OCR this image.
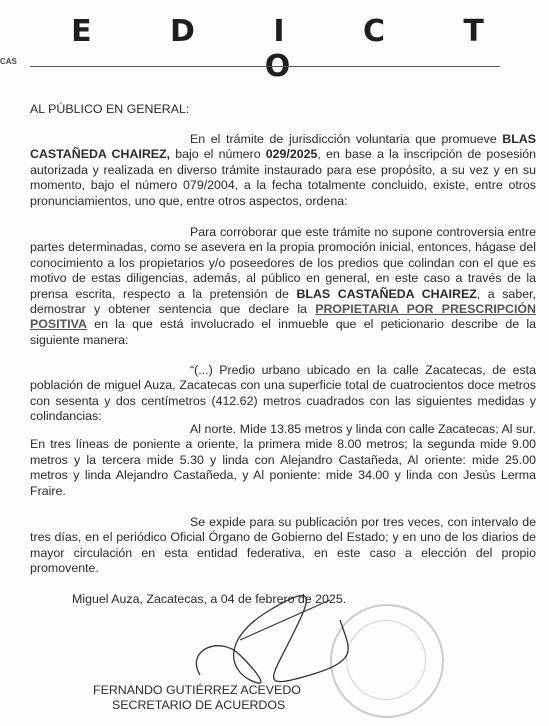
E D I C T O
CAS
AL PÚBLICO EN GENERAL:

En el trámite de jurisdicción voluntaria que promueve BLAS CASTAÑEDA CHAIREZ, bajo el número 029/2025, en base a la inscripción de posesión autorizada y realizada en diverso trámite instaurado para ese propósito, a su vez y en su momento, bajo el número 079/2004, a la fecha totalmente concluido, existe, entre otros pronunciamientos, uno que, entre otros aspectos, ordena:

Para corroborar que este trámite no supone controversia entre partes determinadas, como se asevera en la propia promoción inicial, entonces, hágase del conocimiento a los propietarios y/o poseedores de los predios que colindan con el que es motivo de estas diligencias, además, al público en general, en este caso a través de la prensa escrita, respecto a la pretensión de BLAS CASTAÑEDA CHAIREZ, a saber, demostrar y obtener sentencia que declare la PROPIETARIA POR PRESCRIPCIÓN POSITIVA en la que está involucrado el inmueble que el peticionario describe de la siguiente manera:

“(...) Predio urbano ubicado en la calle Zacatecas, de esta población de miguel Auza, Zacatecas con una superficie total de cuatrocientos doce metros con sesenta y dos centímetros (412.62) metros cuadrados con las siguientes medidas y colindancias:

Al norte. Mide 13.85 metros y linda con calle Zacatecas; Al sur. En tres líneas de poniente a oriente, la primera mide 8.00 metros; la segunda mide 9.00 metros y la tercera mide 5.30 y linda con Alejandro Castañeda, Al oriente: mide 25.00 metros y linda Alejandro Castañeda, y Al poniente: mide 34.00 y linda con Jesús Lerma Fraire.

Se expide para su publicación por tres veces, con intervalo de tres días, en el periódico Oficial Órgano de Gobierno del Estado; y en uno de los diarios de mayor circulación en esta entidad federativa, en este caso a elección del propio promovente.

Miguel Auza, Zacatecas, a 04 de febrero de 2025.
FERNANDO GUTIÉRREZ ACEVEDO
SECRETARIO DE ACUERDOS
